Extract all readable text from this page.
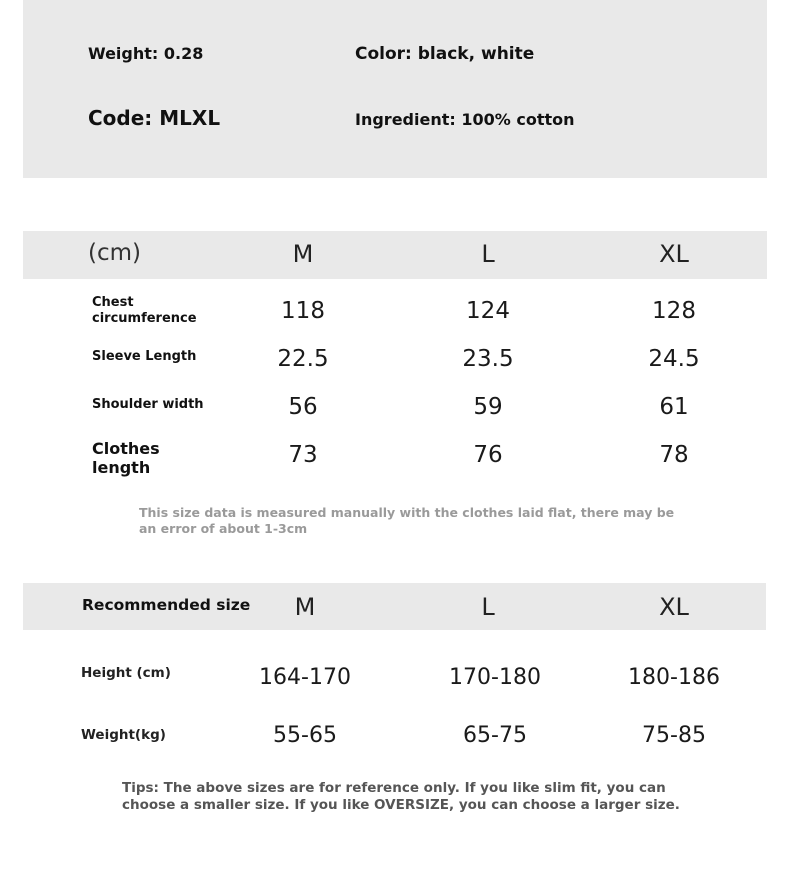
Weight: 0.28	Color: black, white
Code: MLXL	Ingredient: 100% cotton
(cm)	M	L	XL
Chest circumference	118	124	128
Sleeve Length	22.5	23.5	24.5
Shoulder width	56	59	61
Clothes length	73	76	78
This size data is measured manually with the clothes laid flat, there may be an error of about 1-3cm
Recommended size	M	L	XL
Height (cm)	164-170	170-180	180-186
Weight(kg)	55-65	65-75	75-85
Tips: The above sizes are for reference only. If you like slim fit, you can choose a smaller size. If you like OVERSIZE, you can choose a larger size.
